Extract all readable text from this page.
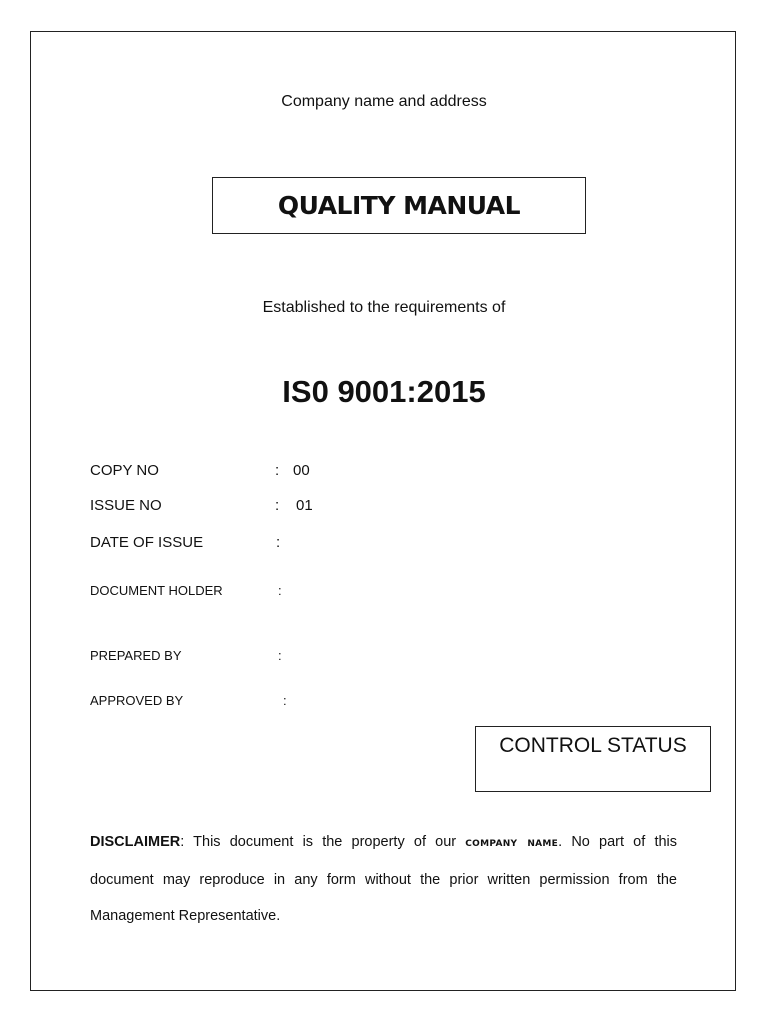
Company name and address
QUALITY MANUAL
Established to the requirements of
IS0 9001:2015
COPY NO	: 00
ISSUE NO	: 01
DATE OF ISSUE	:
DOCUMENT HOLDER	:
PREPARED BY	:
APPROVED BY	:
CONTROL STATUS
DISCLAIMER: This document is the property of our company name. No part of this document may reproduce in any form without the prior written permission from the Management Representative.
